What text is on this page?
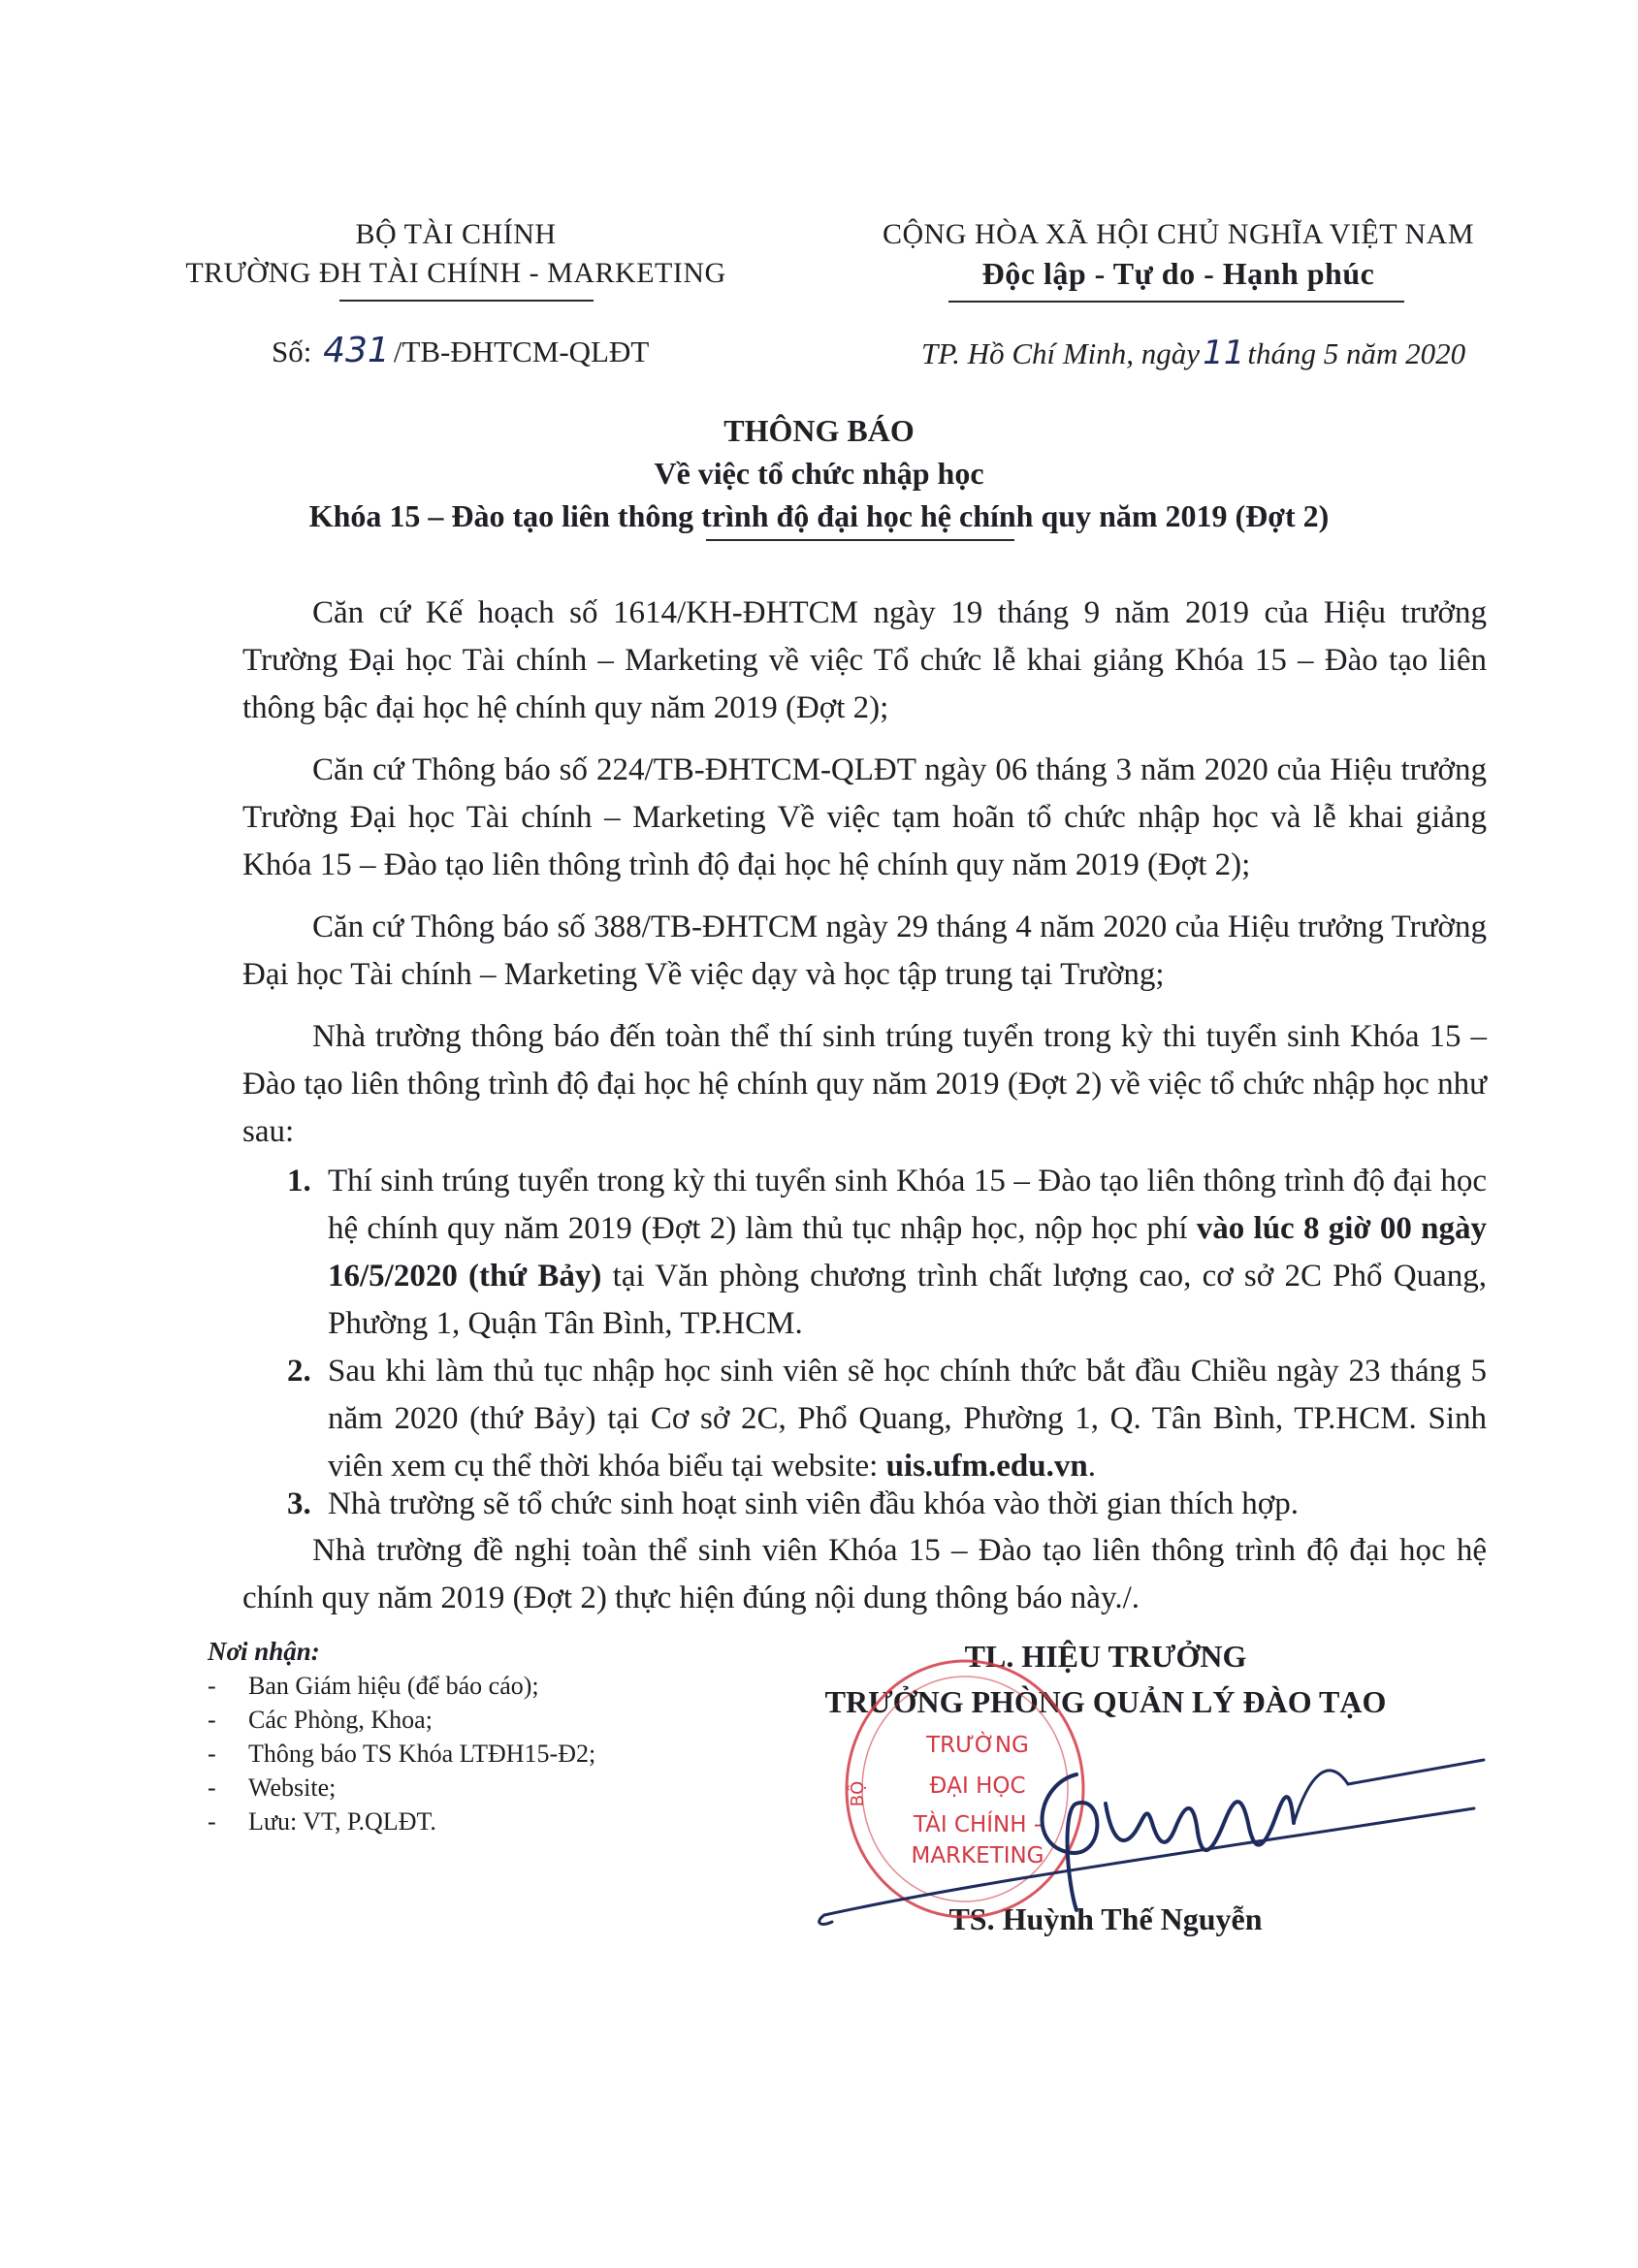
BỘ TÀI CHÍNH
TRƯỜNG ĐH TÀI CHÍNH - MARKETING
CỘNG HÒA XÃ HỘI CHỦ NGHĨA VIỆT NAM
Độc lập - Tự do - Hạnh phúc
Số: 431 /TB-ĐHTCM-QLĐT	TP. Hồ Chí Minh, ngày11tháng 5 năm 2020
THÔNG BÁO
Về việc tổ chức nhập học
Khóa 15 – Đào tạo liên thông trình độ đại học hệ chính quy năm 2019 (Đợt 2)

Căn cứ Kế hoạch số 1614/KH-ĐHTCM ngày 19 tháng 9 năm 2019 của Hiệu trưởng Trường Đại học Tài chính – Marketing về việc Tổ chức lễ khai giảng Khóa 15 – Đào tạo liên thông bậc đại học hệ chính quy năm 2019 (Đợt 2);

Căn cứ Thông báo số 224/TB-ĐHTCM-QLĐT ngày 06 tháng 3 năm 2020 của Hiệu trưởng Trường Đại học Tài chính – Marketing Về việc tạm hoãn tổ chức nhập học và lễ khai giảng Khóa 15 – Đào tạo liên thông trình độ đại học hệ chính quy năm 2019 (Đợt 2);

Căn cứ Thông báo số 388/TB-ĐHTCM ngày 29 tháng 4 năm 2020 của Hiệu trưởng Trường Đại học Tài chính – Marketing Về việc dạy và học tập trung tại Trường;

Nhà trường thông báo đến toàn thể thí sinh trúng tuyển trong kỳ thi tuyển sinh Khóa 15 – Đào tạo liên thông trình độ đại học hệ chính quy năm 2019 (Đợt 2) về việc tổ chức nhập học như sau:

1. Thí sinh trúng tuyển trong kỳ thi tuyển sinh Khóa 15 – Đào tạo liên thông trình độ đại học hệ chính quy năm 2019 (Đợt 2) làm thủ tục nhập học, nộp học phí vào lúc 8 giờ 00 ngày 16/5/2020 (thứ Bảy) tại Văn phòng chương trình chất lượng cao, cơ sở 2C Phổ Quang, Phường 1, Quận Tân Bình, TP.HCM.
2. Sau khi làm thủ tục nhập học sinh viên sẽ học chính thức bắt đầu Chiều ngày 23 tháng 5 năm 2020 (thứ Bảy) tại Cơ sở 2C, Phổ Quang, Phường 1, Q. Tân Bình, TP.HCM. Sinh viên xem cụ thể thời khóa biểu tại website: uis.ufm.edu.vn.
3. Nhà trường sẽ tổ chức sinh hoạt sinh viên đầu khóa vào thời gian thích hợp.

Nhà trường đề nghị toàn thể sinh viên Khóa 15 – Đào tạo liên thông trình độ đại học hệ chính quy năm 2019 (Đợt 2) thực hiện đúng nội dung thông báo này./.

Nơi nhận:
- Ban Giám hiệu (để báo cáo);
- Các Phòng, Khoa;
- Thông báo TS Khóa LTĐH15-Đ2;
- Website;
- Lưu: VT, P.QLĐT.
TL. HIỆU TRƯỞNG
TRƯỞNG PHÒNG QUẢN LÝ ĐÀO TẠO
TS. Huỳnh Thế Nguyễn
TRƯỜNG
ĐẠI HỌC
TÀI CHÍNH -
MARKETING
BỘ
